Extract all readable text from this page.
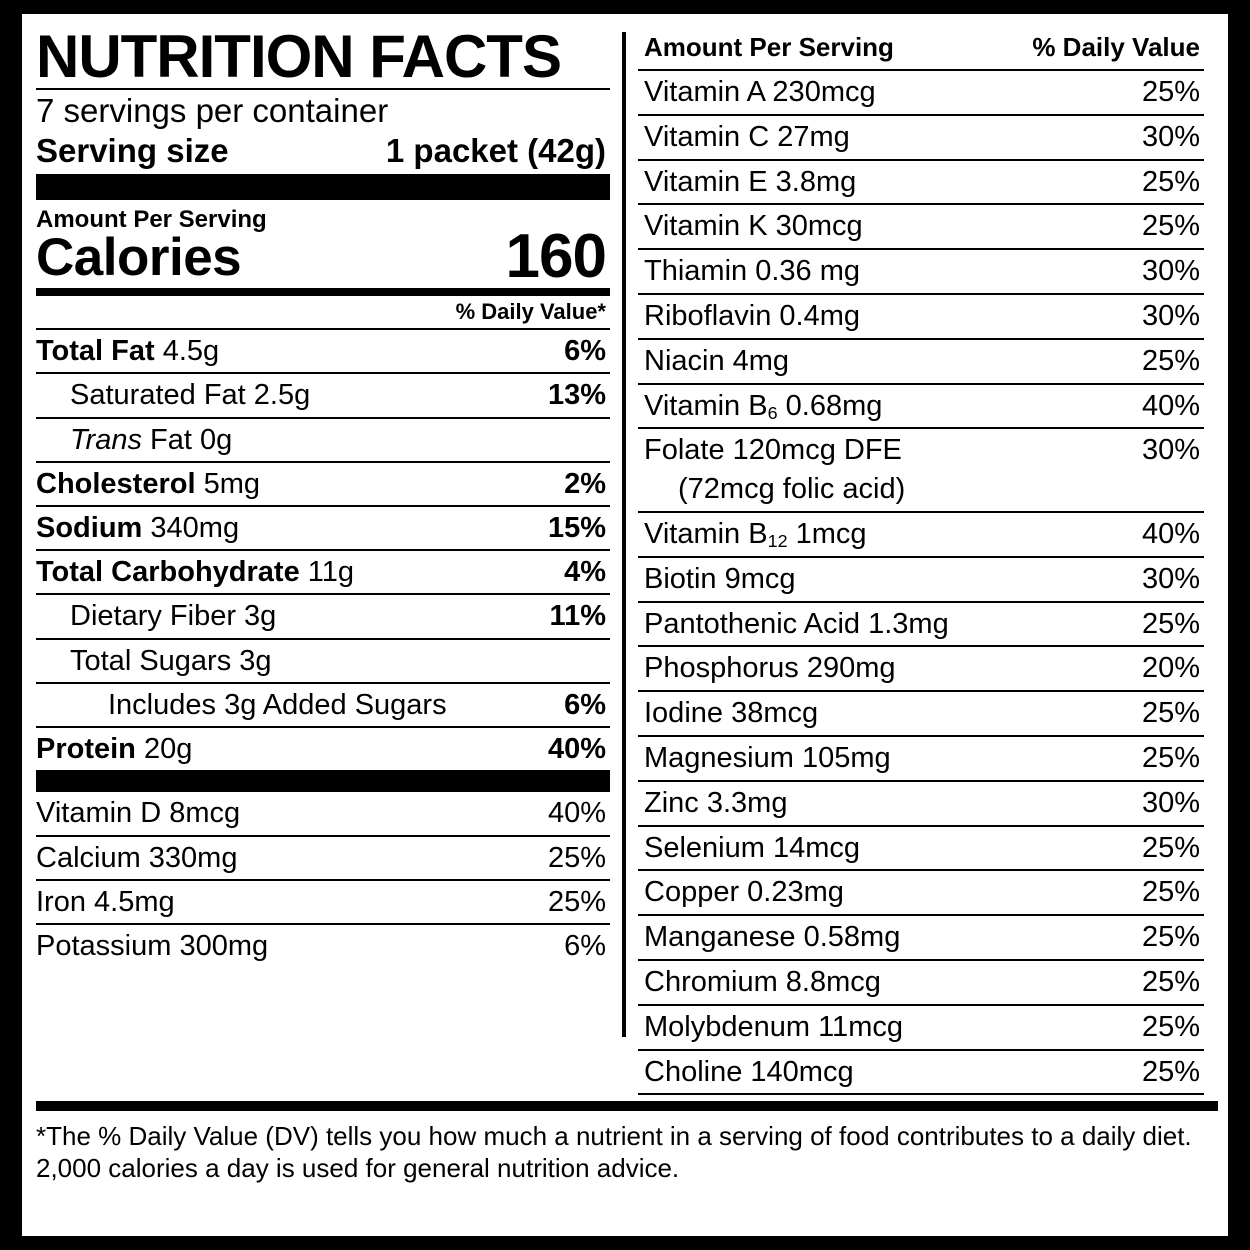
NUTRITION FACTS
7 servings per container
Serving size	1 packet (42g)
Amount Per Serving
Calories	160
% Daily Value*
Total Fat 4.5g	6%
Saturated Fat 2.5g	13%
Trans Fat 0g
Cholesterol 5mg	2%
Sodium 340mg	15%
Total Carbohydrate 11g	4%
Dietary Fiber 3g	11%
Total Sugars 3g
Includes 3g Added Sugars	6%
Protein 20g	40%
Vitamin D 8mcg	40%
Calcium 330mg	25%
Iron 4.5mg	25%
Potassium 300mg	6%
Amount Per Serving	% Daily Value
Vitamin A 230mcg	25%
Vitamin C 27mg	30%
Vitamin E 3.8mg	25%
Vitamin K 30mcg	25%
Thiamin 0.36 mg	30%
Riboflavin 0.4mg	30%
Niacin 4mg	25%
Vitamin $B_6$ 0.68mg	40%
Folate 120mcg DFE	30%
(72mcg folic acid)
Vitamin $B_{12}$ 1mcg	40%
Biotin 9mcg	30%
Pantothenic Acid 1.3mg	25%
Phosphorus 290mg	20%
Iodine 38mcg	25%
Magnesium 105mg	25%
Zinc 3.3mg	30%
Selenium 14mcg	25%
Copper 0.23mg	25%
Manganese 0.58mg	25%
Chromium 8.8mcg	25%
Molybdenum 11mcg	25%
Choline 140mcg	25%
*The % Daily Value (DV) tells you how much a nutrient in a serving of food contributes to a daily diet. 2,000 calories a day is used for general nutrition advice.
